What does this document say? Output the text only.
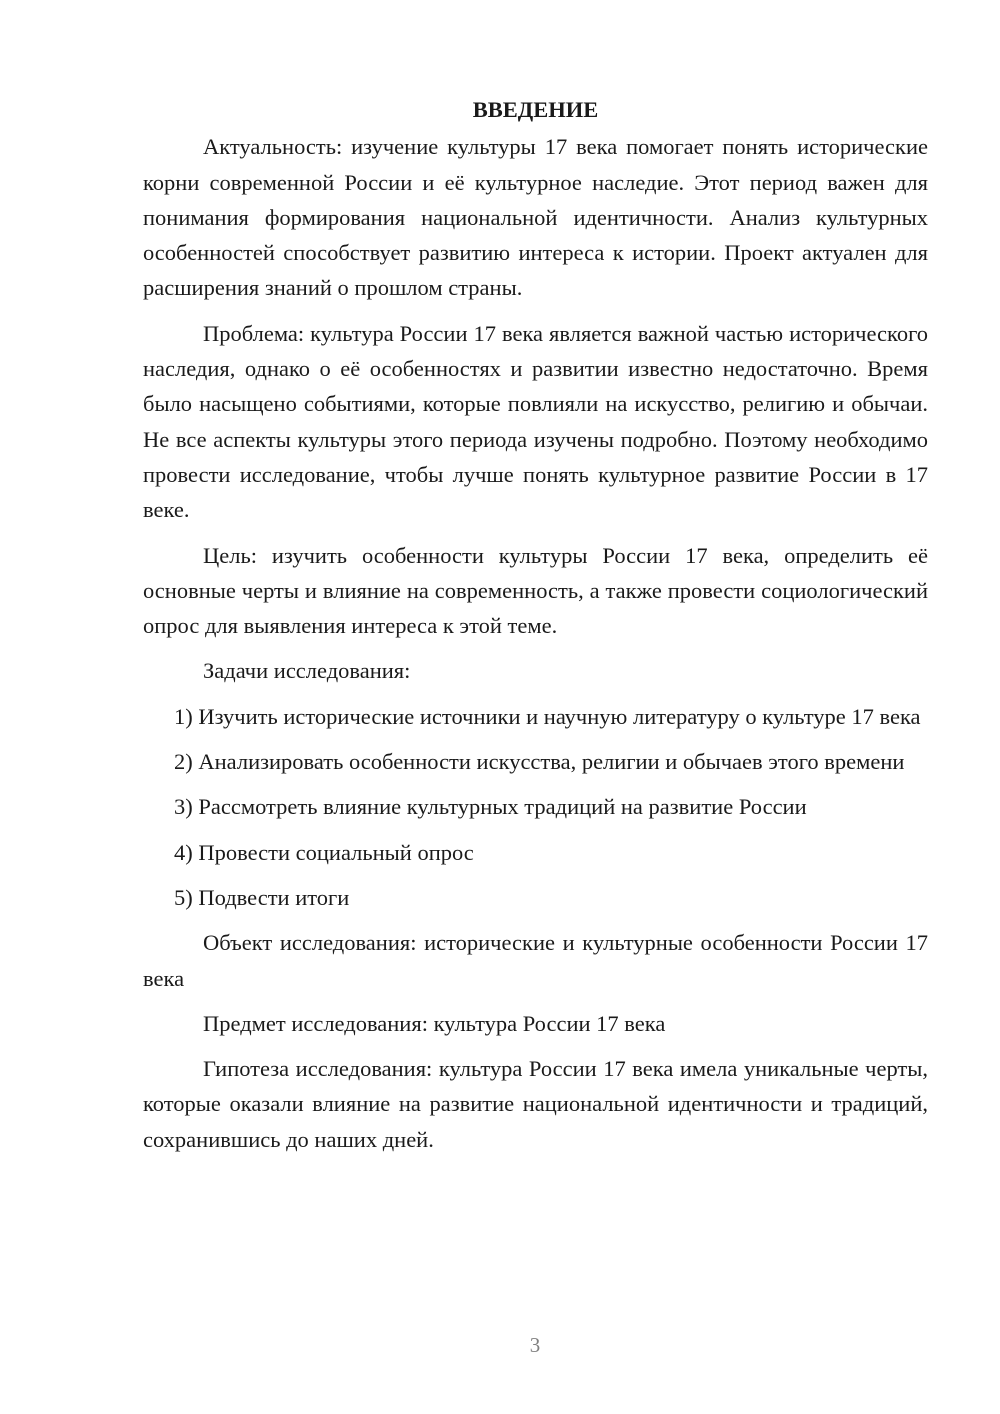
ВВЕДЕНИЕ

Актуальность: изучение культуры 17 века помогает понять исторические корни современной России и её культурное наследие. Этот период важен для понимания формирования национальной идентичности. Анализ культурных особенностей способствует развитию интереса к истории. Проект актуален для расширения знаний о прошлом страны.

Проблема: культура России 17 века является важной частью исторического наследия, однако о её особенностях и развитии известно недостаточно. Время было насыщено событиями, которые повлияли на искусство, религию и обычаи. Не все аспекты культуры этого периода изучены подробно. Поэтому необходимо провести исследование, чтобы лучше понять культурное развитие России в 17 веке.

Цель: изучить особенности культуры России 17 века, определить её основные черты и влияние на современность, а также провести социологический опрос для выявления интереса к этой теме.

Задачи исследования:

1) Изучить исторические источники и научную литературу о культуре 17 века

2) Анализировать особенности искусства, религии и обычаев этого времени

3) Рассмотреть влияние культурных традиций на развитие России

4) Провести социальный опрос

5) Подвести итоги

Объект исследования: исторические и культурные особенности России 17 века

Предмет исследования: культура России 17 века

Гипотеза исследования: культура России 17 века имела уникальные черты, которые оказали влияние на развитие национальной идентичности и традиций, сохранившись до наших дней.

3
